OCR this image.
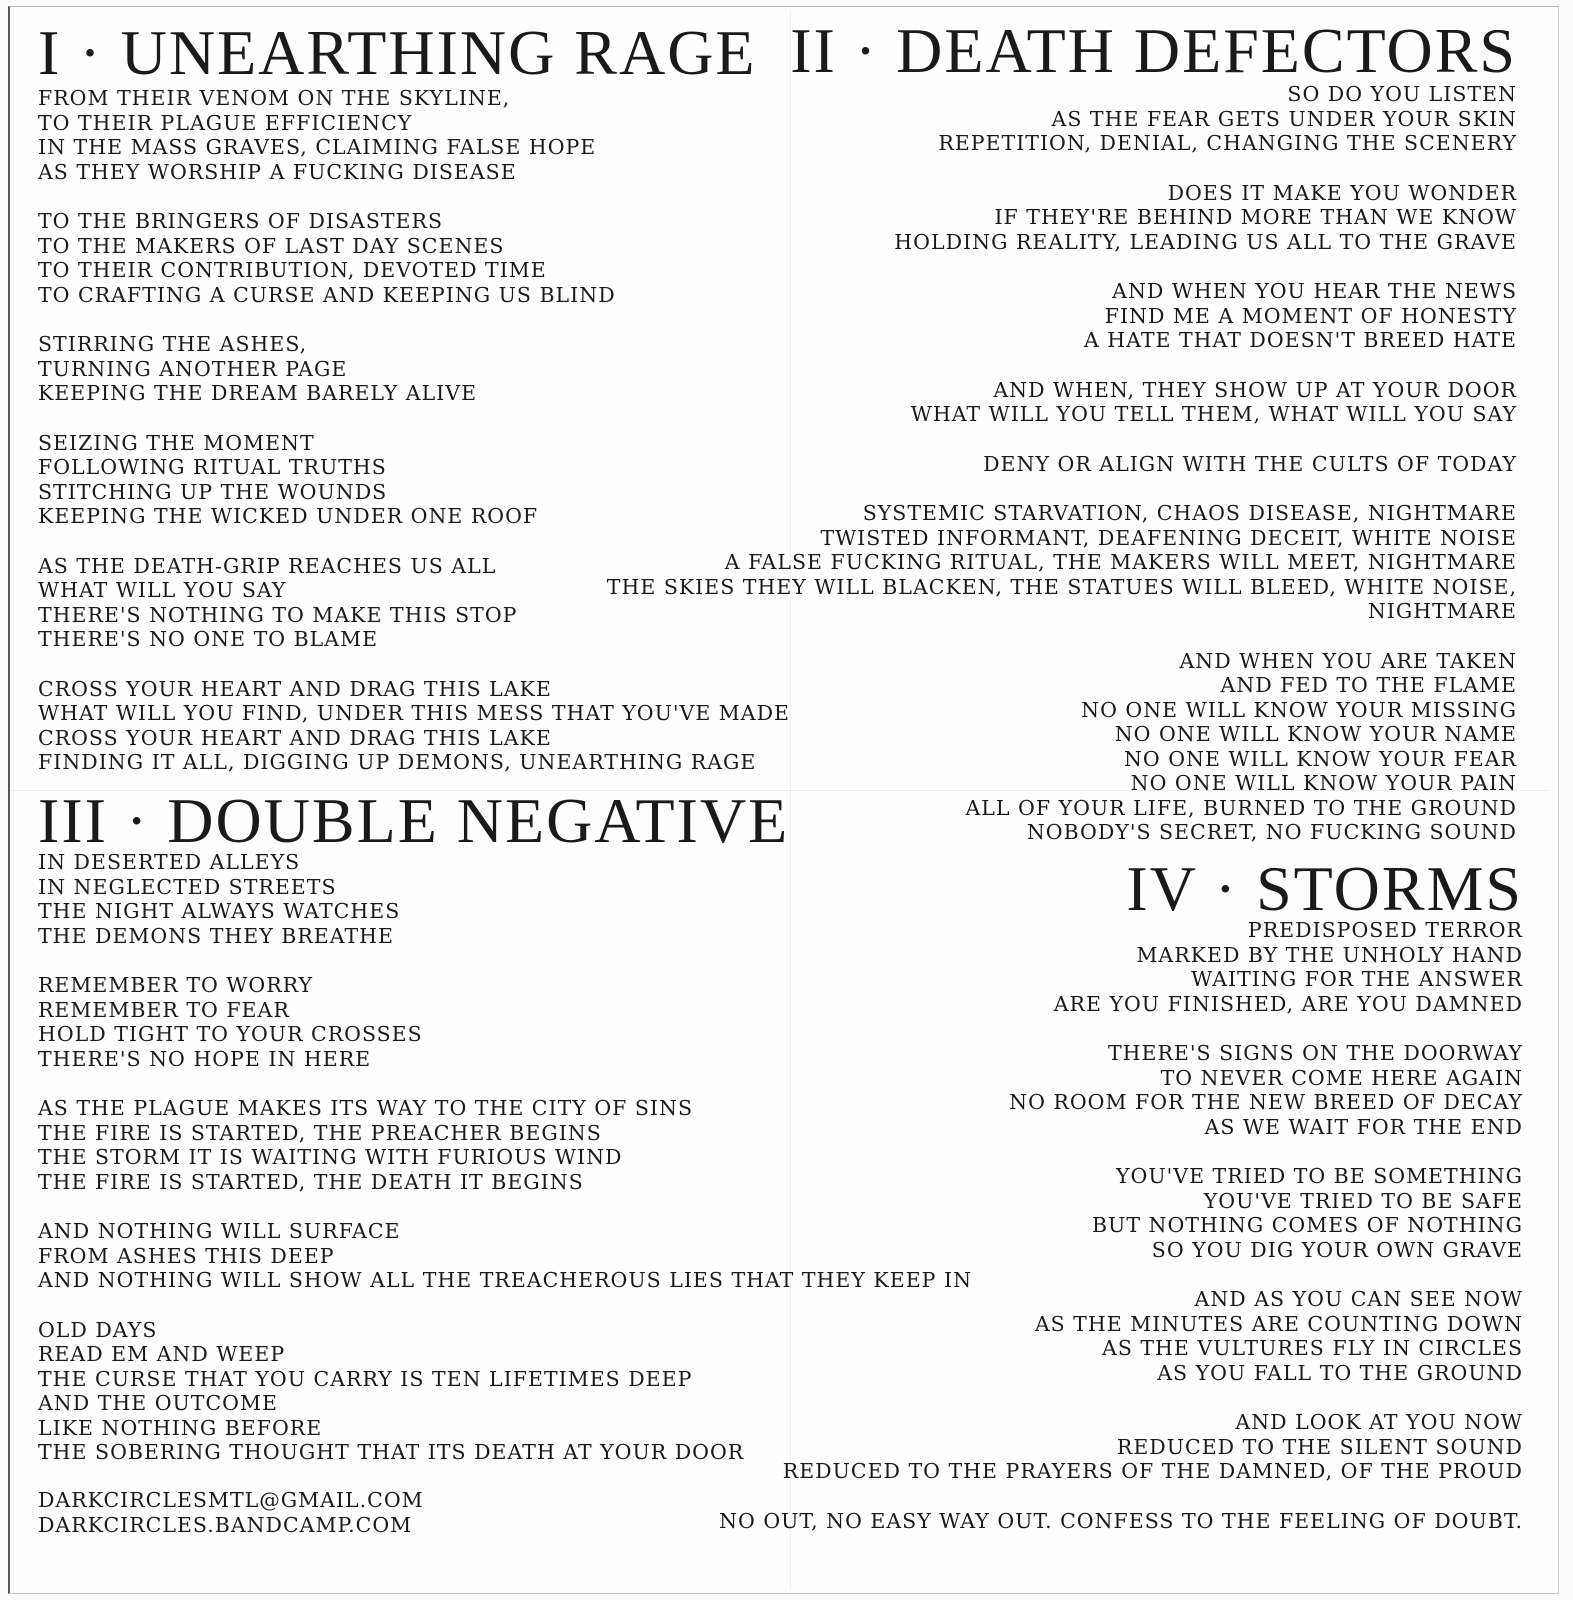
I · UNEARTHING RAGE
FROM THEIR VENOM ON THE SKYLINE,
TO THEIR PLAGUE EFFICIENCY
IN THE MASS GRAVES, CLAIMING FALSE HOPE
AS THEY WORSHIP A FUCKING DISEASE
TO THE BRINGERS OF DISASTERS
TO THE MAKERS OF LAST DAY SCENES
TO THEIR CONTRIBUTION, DEVOTED TIME
TO CRAFTING A CURSE AND KEEPING US BLIND
STIRRING THE ASHES,
TURNING ANOTHER PAGE
KEEPING THE DREAM BARELY ALIVE
SEIZING THE MOMENT
FOLLOWING RITUAL TRUTHS
STITCHING UP THE WOUNDS
KEEPING THE WICKED UNDER ONE ROOF
AS THE DEATH-GRIP REACHES US ALL
WHAT WILL YOU SAY
THERE'S NOTHING TO MAKE THIS STOP
THERE'S NO ONE TO BLAME
CROSS YOUR HEART AND DRAG THIS LAKE
WHAT WILL YOU FIND, UNDER THIS MESS THAT YOU'VE MADE
CROSS YOUR HEART AND DRAG THIS LAKE
FINDING IT ALL, DIGGING UP DEMONS, UNEARTHING RAGE
II · DEATH DEFECTORS
SO DO YOU LISTEN
AS THE FEAR GETS UNDER YOUR SKIN
REPETITION, DENIAL, CHANGING THE SCENERY
DOES IT MAKE YOU WONDER
IF THEY'RE BEHIND MORE THAN WE KNOW
HOLDING REALITY, LEADING US ALL TO THE GRAVE
AND WHEN YOU HEAR THE NEWS
FIND ME A MOMENT OF HONESTY
A HATE THAT DOESN'T BREED HATE
AND WHEN, THEY SHOW UP AT YOUR DOOR
WHAT WILL YOU TELL THEM, WHAT WILL YOU SAY
DENY OR ALIGN WITH THE CULTS OF TODAY
SYSTEMIC STARVATION, CHAOS DISEASE, NIGHTMARE
TWISTED INFORMANT, DEAFENING DECEIT, WHITE NOISE
A FALSE FUCKING RITUAL, THE MAKERS WILL MEET, NIGHTMARE
THE SKIES THEY WILL BLACKEN, THE STATUES WILL BLEED, WHITE NOISE,
NIGHTMARE
AND WHEN YOU ARE TAKEN
AND FED TO THE FLAME
NO ONE WILL KNOW YOUR MISSING
NO ONE WILL KNOW YOUR NAME
NO ONE WILL KNOW YOUR FEAR
NO ONE WILL KNOW YOUR PAIN
ALL OF YOUR LIFE, BURNED TO THE GROUND
NOBODY'S SECRET, NO FUCKING SOUND
III · DOUBLE NEGATIVE
IN DESERTED ALLEYS
IN NEGLECTED STREETS
THE NIGHT ALWAYS WATCHES
THE DEMONS THEY BREATHE
REMEMBER TO WORRY
REMEMBER TO FEAR
HOLD TIGHT TO YOUR CROSSES
THERE'S NO HOPE IN HERE
AS THE PLAGUE MAKES ITS WAY TO THE CITY OF SINS
THE FIRE IS STARTED, THE PREACHER BEGINS
THE STORM IT IS WAITING WITH FURIOUS WIND
THE FIRE IS STARTED, THE DEATH IT BEGINS
AND NOTHING WILL SURFACE
FROM ASHES THIS DEEP
AND NOTHING WILL SHOW ALL THE TREACHEROUS LIES THAT THEY KEEP IN
OLD DAYS
READ EM AND WEEP
THE CURSE THAT YOU CARRY IS TEN LIFETIMES DEEP
AND THE OUTCOME
LIKE NOTHING BEFORE
THE SOBERING THOUGHT THAT ITS DEATH AT YOUR DOOR
IV · STORMS
PREDISPOSED TERROR
MARKED BY THE UNHOLY HAND
WAITING FOR THE ANSWER
ARE YOU FINISHED, ARE YOU DAMNED
THERE'S SIGNS ON THE DOORWAY
TO NEVER COME HERE AGAIN
NO ROOM FOR THE NEW BREED OF DECAY
AS WE WAIT FOR THE END
YOU'VE TRIED TO BE SOMETHING
YOU'VE TRIED TO BE SAFE
BUT NOTHING COMES OF NOTHING
SO YOU DIG YOUR OWN GRAVE
AND AS YOU CAN SEE NOW
AS THE MINUTES ARE COUNTING DOWN
AS THE VULTURES FLY IN CIRCLES
AS YOU FALL TO THE GROUND
AND LOOK AT YOU NOW
REDUCED TO THE SILENT SOUND
REDUCED TO THE PRAYERS OF THE DAMNED, OF THE PROUD
NO OUT, NO EASY WAY OUT. CONFESS TO THE FEELING OF DOUBT.
DARKCIRCLESMTL@GMAIL.COM
DARKCIRCLES.BANDCAMP.COM
